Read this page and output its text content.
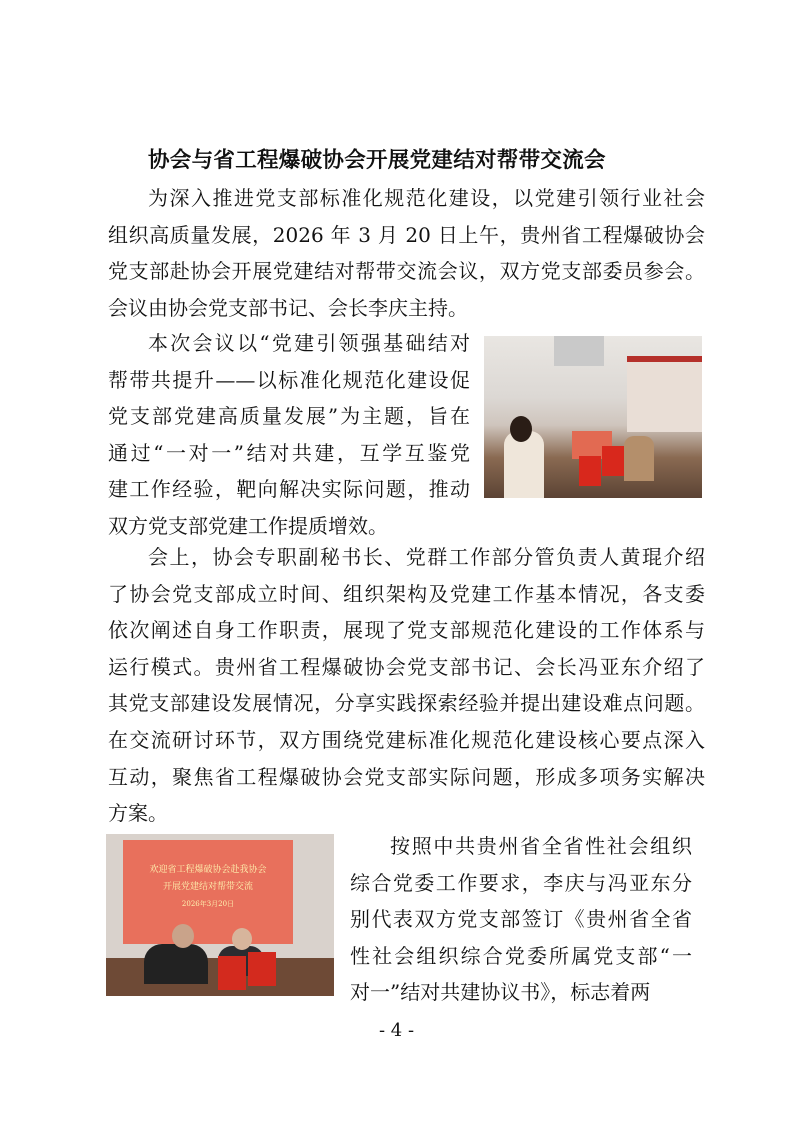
协会与省工程爆破协会开展党建结对帮带交流会
为深入推进党支部标准化规范化建设，以党建引领行业社会
组织高质量发展，2026 年 3 月 20 日上午，贵州省工程爆破协会
党支部赴协会开展党建结对帮带交流会议，双方党支部委员参会。
会议由协会党支部书记、会长李庆主持。
本次会议以“党建引领强基础结对
帮带共提升——以标准化规范化建设促
党支部党建高质量发展”为主题，旨在
通过“一对一”结对共建，互学互鉴党
建工作经验，靶向解决实际问题，推动
双方党支部党建工作提质增效。
会上，协会专职副秘书长、党群工作部分管负责人黄琨介绍
了协会党支部成立时间、组织架构及党建工作基本情况，各支委
依次阐述自身工作职责，展现了党支部规范化建设的工作体系与
运行模式。贵州省工程爆破协会党支部书记、会长冯亚东介绍了
其党支部建设发展情况，分享实践探索经验并提出建设难点问题。
在交流研讨环节，双方围绕党建标准化规范化建设核心要点深入
互动，聚焦省工程爆破协会党支部实际问题，形成多项务实解决
方案。
按照中共贵州省全省性社会组织
综合党委工作要求，李庆与冯亚东分
别代表双方党支部签订《贵州省全省
性社会组织综合党委所属党支部“一
对一”结对共建协议书》，标志着两
欢迎省工程爆破协会赴我协会
开展党建结对帮带交流
2026年3月20日
- 4 -
